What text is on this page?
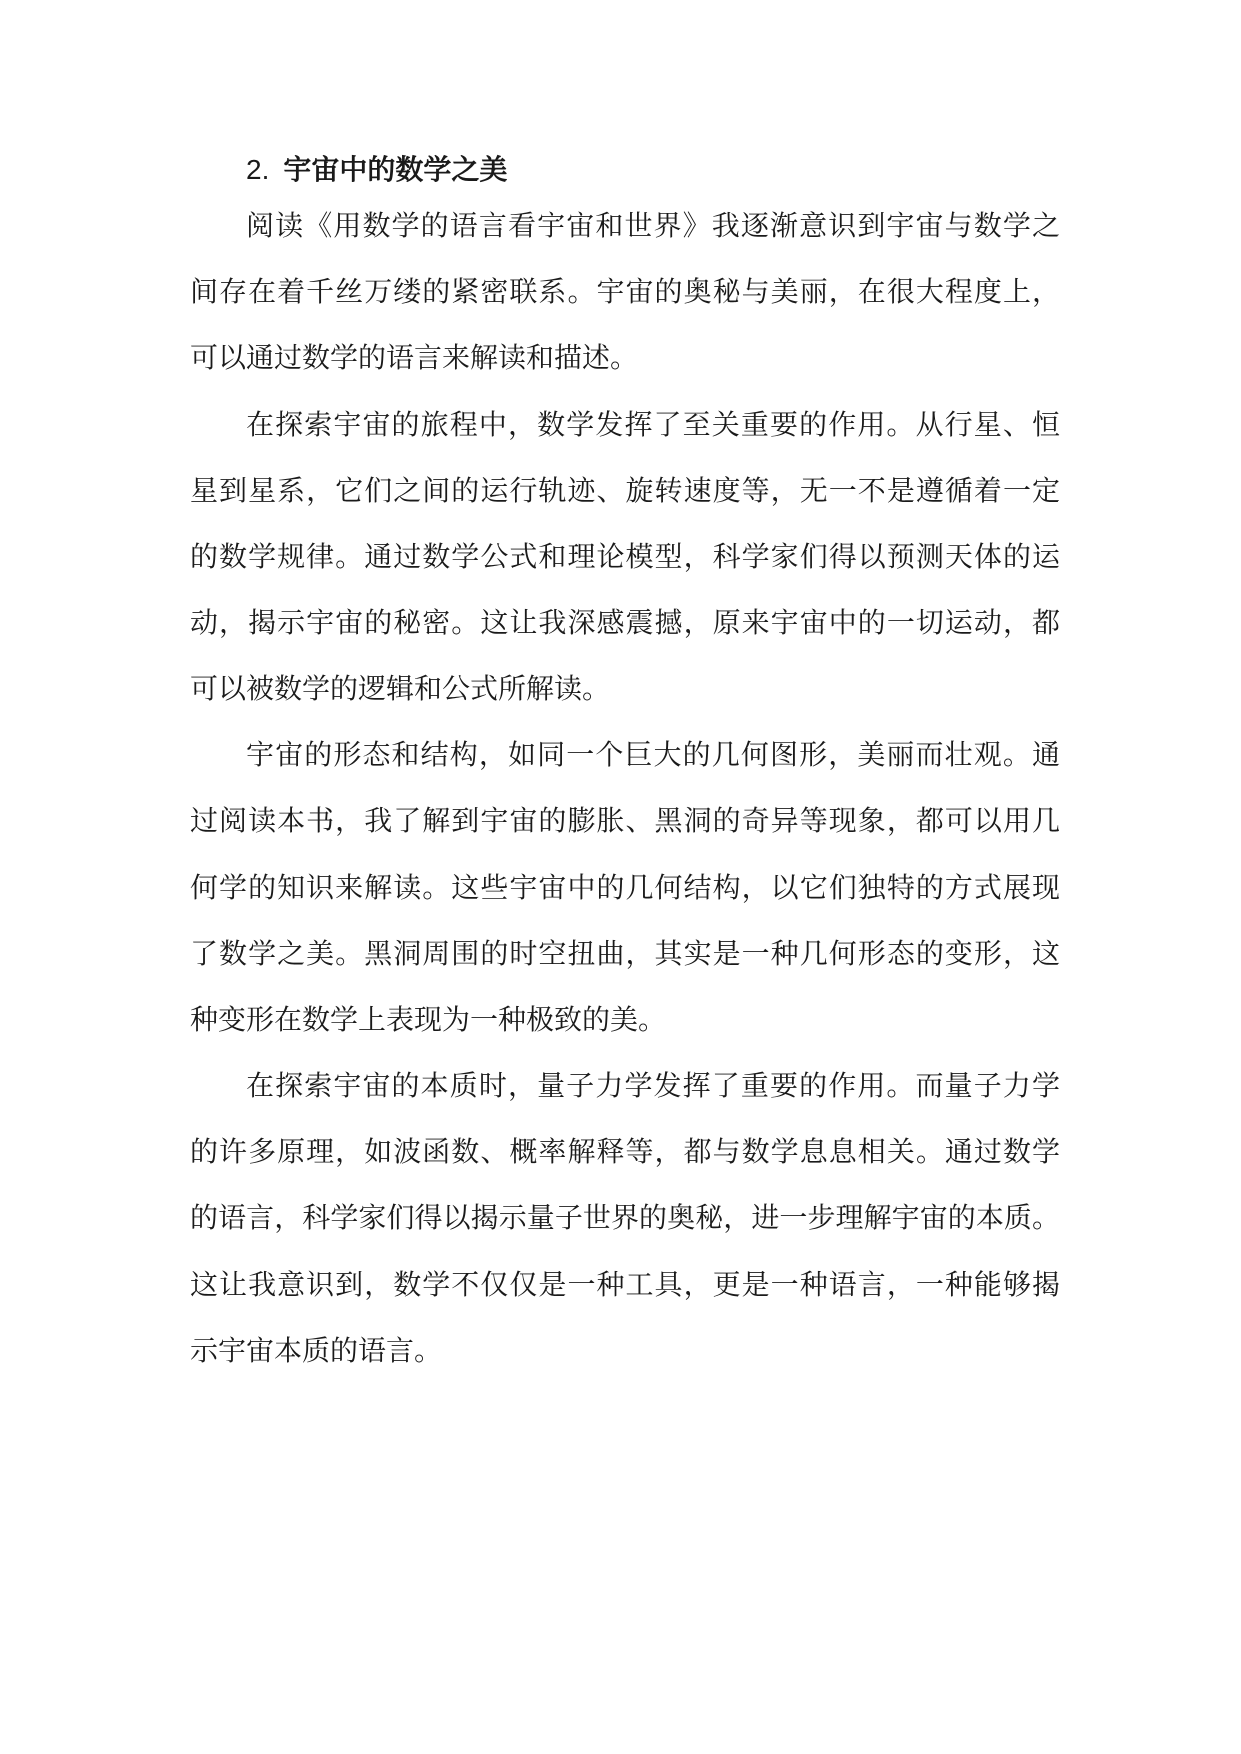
2. 宇宙中的数学之美
阅读《用数学的语言看宇宙和世界》我逐渐意识到宇宙与数学之
间存在着千丝万缕的紧密联系。宇宙的奥秘与美丽，在很大程度上，
可以通过数学的语言来解读和描述。
在探索宇宙的旅程中，数学发挥了至关重要的作用。从行星、恒
星到星系，它们之间的运行轨迹、旋转速度等，无一不是遵循着一定
的数学规律。通过数学公式和理论模型，科学家们得以预测天体的运
动，揭示宇宙的秘密。这让我深感震撼，原来宇宙中的一切运动，都
可以被数学的逻辑和公式所解读。
宇宙的形态和结构，如同一个巨大的几何图形，美丽而壮观。通
过阅读本书，我了解到宇宙的膨胀、黑洞的奇异等现象，都可以用几
何学的知识来解读。这些宇宙中的几何结构，以它们独特的方式展现
了数学之美。黑洞周围的时空扭曲，其实是一种几何形态的变形，这
种变形在数学上表现为一种极致的美。
在探索宇宙的本质时，量子力学发挥了重要的作用。而量子力学
的许多原理，如波函数、概率解释等，都与数学息息相关。通过数学
的语言，科学家们得以揭示量子世界的奥秘，进一步理解宇宙的本质。
这让我意识到，数学不仅仅是一种工具，更是一种语言，一种能够揭
示宇宙本质的语言。
